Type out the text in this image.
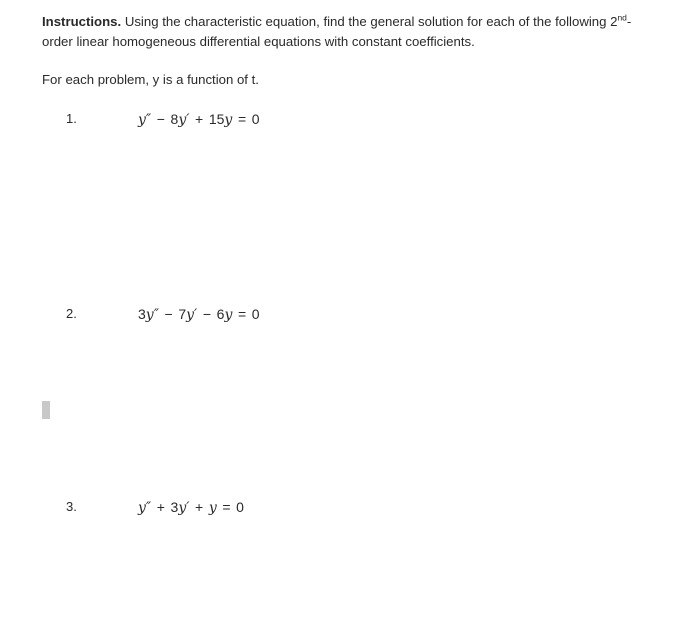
Instructions. Using the characteristic equation, find the general solution for each of the following 2nd-order linear homogeneous differential equations with constant coefficients.
For each problem, y is a function of t.
1.	y″  −  8y′  +  15y  =  0
2.	3y″  −  7y′  −  6y  =  0
3.	y″  +  3y′  +  y  =  0
